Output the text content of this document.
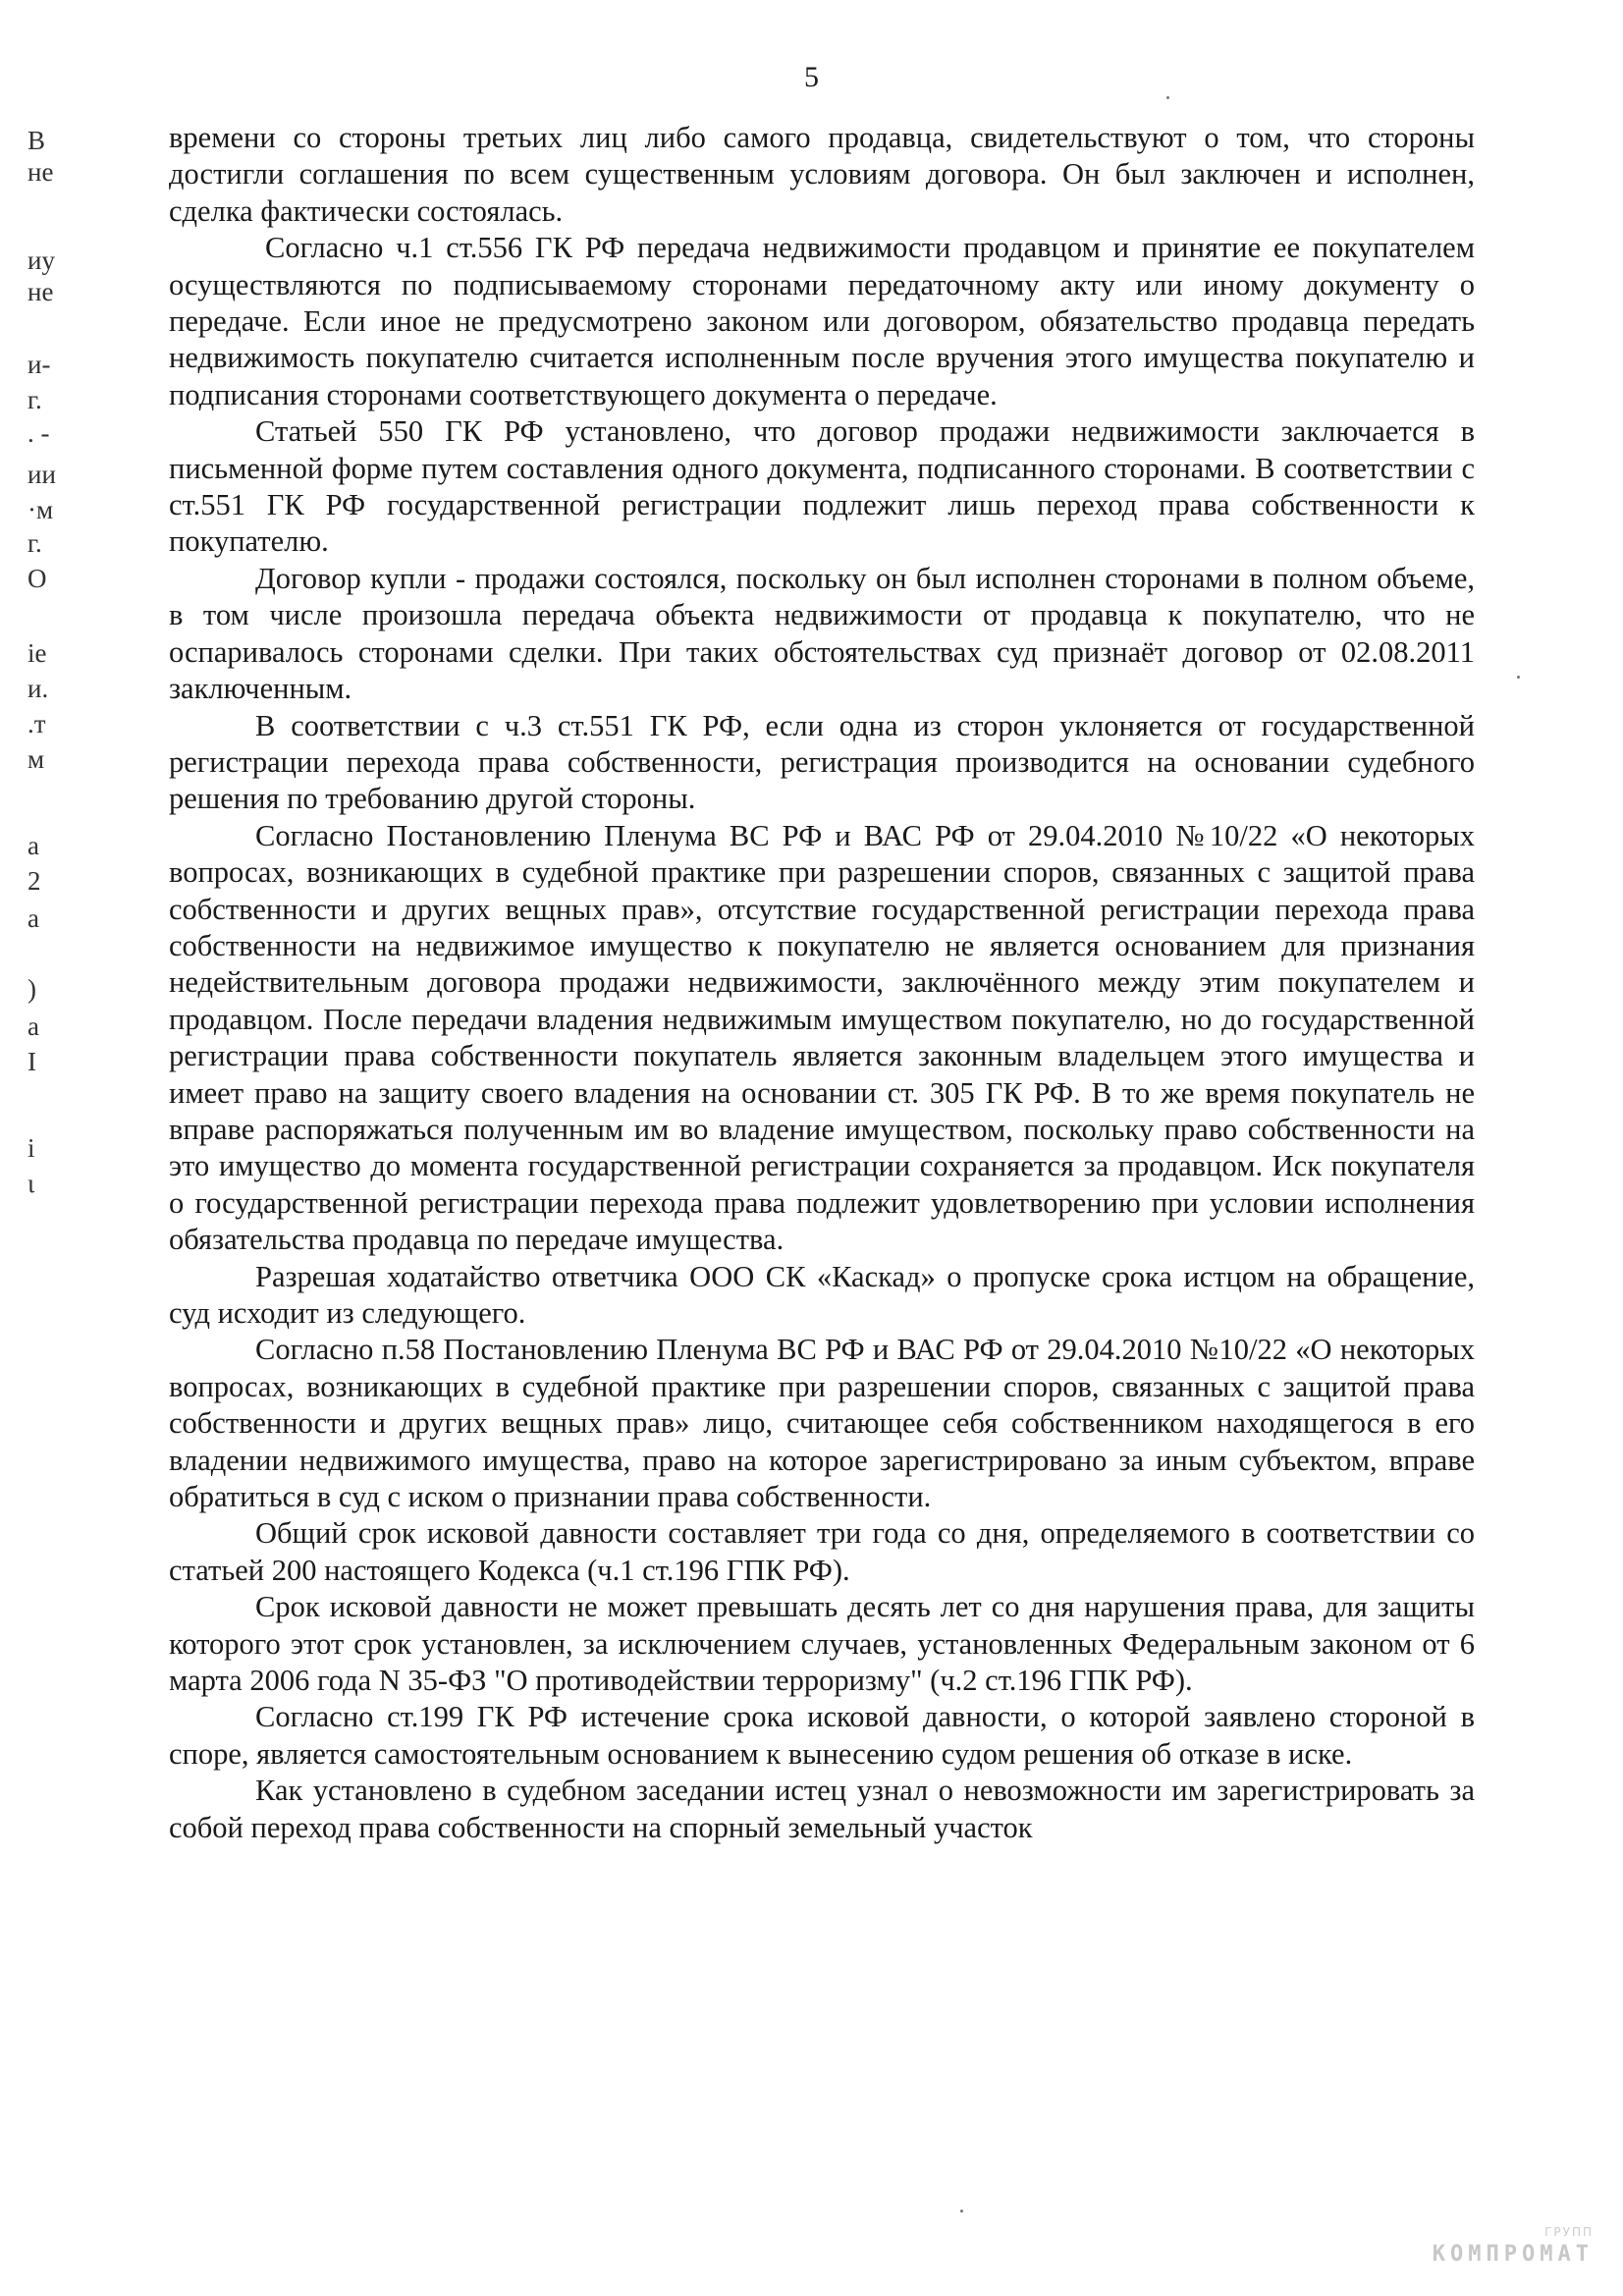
5
В
не
иу
не
и-
г.
. -
ии
·м
г.
О
іе
и.
.т
м
а
2
а
)
а
I
і
ι

времени со стороны третьих лиц либо самого продавца, свидетельствуют о том, что стороны достигли соглашения по всем существенным условиям договора. Он был заключен и исполнен, сделка фактически состоялась.

Согласно ч.1 ст.556 ГК РФ передача недвижимости продавцом и принятие ее покупателем осуществляются по подписываемому сторонами передаточному акту или иному документу о передаче. Если иное не предусмотрено законом или договором, обязательство продавца передать недвижимость покупателю считается исполненным после вручения этого имущества покупателю и подписания сторонами соответствующего документа о передаче.

Статьей 550 ГК РФ установлено, что договор продажи недвижимости заключается в письменной форме путем составления одного документа, подписанного сторонами. В соответствии с ст.551 ГК РФ государственной регистрации подлежит лишь переход права собственности к покупателю.

Договор купли - продажи состоялся, поскольку он был исполнен сторонами в полном объеме, в том числе произошла передача объекта недвижимости от продавца к покупателю, что не оспаривалось сторонами сделки. При таких обстоятельствах суд признаёт договор от 02.08.2011 заключенным.

В соответствии с ч.3 ст.551 ГК РФ, если одна из сторон уклоняется от государственной регистрации перехода права собственности, регистрация производится на основании судебного решения по требованию другой стороны.

Согласно Постановлению Пленума ВС РФ и ВАС РФ от 29.04.2010 №10/22 «О некоторых вопросах, возникающих в судебной практике при разрешении споров, связанных с защитой права собственности и других вещных прав», отсутствие государственной регистрации перехода права собственности на недвижимое имущество к покупателю не является основанием для признания недействительным договора продажи недвижимости, заключённого между этим покупателем и продавцом. После передачи владения недвижимым имуществом покупателю, но до государственной регистрации права собственности покупатель является законным владельцем этого имущества и имеет право на защиту своего владения на основании ст. 305 ГК РФ. В то же время покупатель не вправе распоряжаться полученным им во владение имуществом, поскольку право собственности на это имущество до момента государственной регистрации сохраняется за продавцом. Иск покупателя о государственной регистрации перехода права подлежит удовлетворению при условии исполнения обязательства продавца по передаче имущества.

Разрешая ходатайство ответчика ООО СК «Каскад» о пропуске срока истцом на обращение, суд исходит из следующего.

Согласно п.58 Постановлению Пленума ВС РФ и ВАС РФ от 29.04.2010 №10/22 «О некоторых вопросах, возникающих в судебной практике при разрешении споров, связанных с защитой права собственности и других вещных прав» лицо, считающее себя собственником находящегося в его владении недвижимого имущества, право на которое зарегистрировано за иным субъектом, вправе обратиться в суд с иском о признании права собственности.

Общий срок исковой давности составляет три года со дня, определяемого в соответствии со статьей 200 настоящего Кодекса (ч.1 ст.196 ГПК РФ).

Срок исковой давности не может превышать десять лет со дня нарушения права, для защиты которого этот срок установлен, за исключением случаев, установленных Федеральным законом от 6 марта 2006 года N 35-ФЗ "О противодействии терроризму" (ч.2 ст.196 ГПК РФ).

Согласно ст.199 ГК РФ истечение срока исковой давности, о которой заявлено стороной в споре, является самостоятельным основанием к вынесению судом решения об отказе в иске.

Как установлено в судебном заседании истец узнал о невозможности им зарегистрировать за собой переход права собственности на спорный земельный участок

ГРУПП
КОМПРОМАТ
